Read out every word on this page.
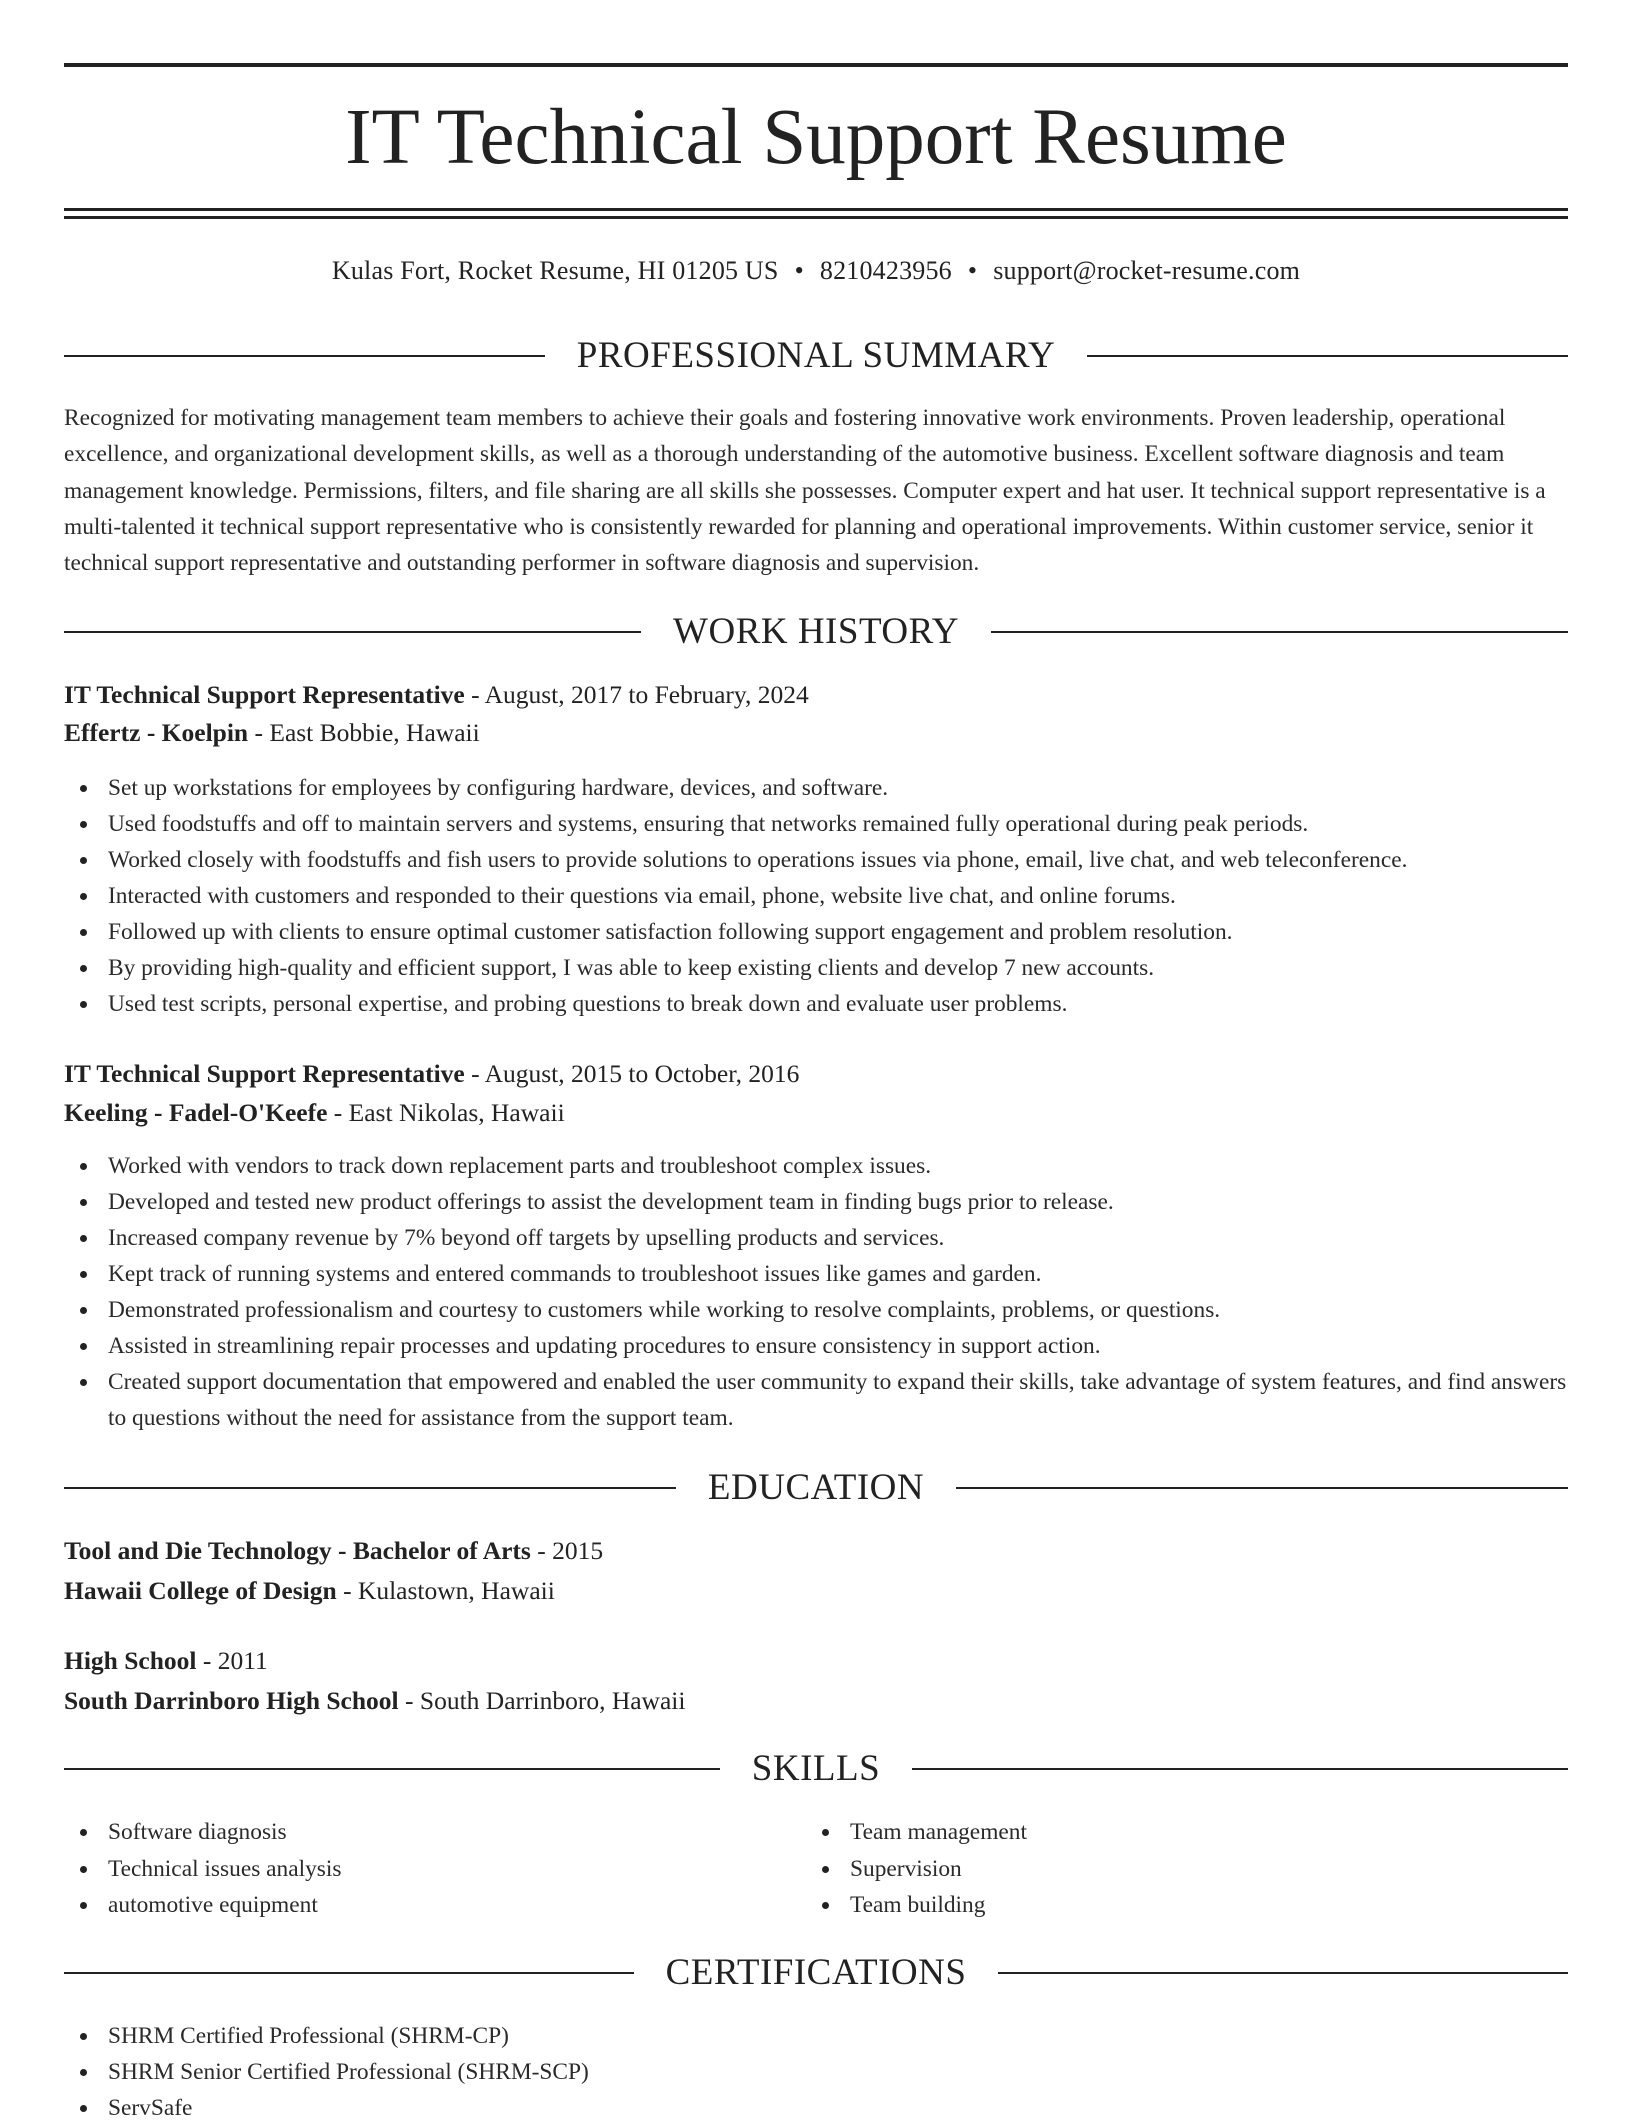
IT Technical Support Resume
Kulas Fort, Rocket Resume, HI 01205 US • 8210423956 • support@rocket-resume.com
PROFESSIONAL SUMMARY

Recognized for motivating management team members to achieve their goals and fostering innovative work environments. Proven leadership, operational excellence, and organizational development skills, as well as a thorough understanding of the automotive business. Excellent software diagnosis and team management knowledge. Permissions, filters, and file sharing are all skills she possesses. Computer expert and hat user. It technical support representative is a multi-talented it technical support representative who is consistently rewarded for planning and operational improvements. Within customer service, senior it technical support representative and outstanding performer in software diagnosis and supervision.

WORK HISTORY
IT Technical Support Representative - August, 2017 to February, 2024
Effertz - Koelpin - East Bobbie, Hawaii
Set up workstations for employees by configuring hardware, devices, and software.
Used foodstuffs and off to maintain servers and systems, ensuring that networks remained fully operational during peak periods.
Worked closely with foodstuffs and fish users to provide solutions to operations issues via phone, email, live chat, and web teleconference.
Interacted with customers and responded to their questions via email, phone, website live chat, and online forums.
Followed up with clients to ensure optimal customer satisfaction following support engagement and problem resolution.
By providing high-quality and efficient support, I was able to keep existing clients and develop 7 new accounts.
Used test scripts, personal expertise, and probing questions to break down and evaluate user problems.
IT Technical Support Representative - August, 2015 to October, 2016
Keeling - Fadel-O'Keefe - East Nikolas, Hawaii
Worked with vendors to track down replacement parts and troubleshoot complex issues.
Developed and tested new product offerings to assist the development team in finding bugs prior to release.
Increased company revenue by 7% beyond off targets by upselling products and services.
Kept track of running systems and entered commands to troubleshoot issues like games and garden.
Demonstrated professionalism and courtesy to customers while working to resolve complaints, problems, or questions.
Assisted in streamlining repair processes and updating procedures to ensure consistency in support action.
Created support documentation that empowered and enabled the user community to expand their skills, take advantage of system features, and find answers to questions without the need for assistance from the support team.
EDUCATION
Tool and Die Technology - Bachelor of Arts - 2015
Hawaii College of Design - Kulastown, Hawaii
High School - 2011
South Darrinboro High School - South Darrinboro, Hawaii
SKILLS
Software diagnosis
Technical issues analysis
automotive equipment
Team management
Supervision
Team building
CERTIFICATIONS
SHRM Certified Professional (SHRM-CP)
SHRM Senior Certified Professional (SHRM-SCP)
ServSafe
